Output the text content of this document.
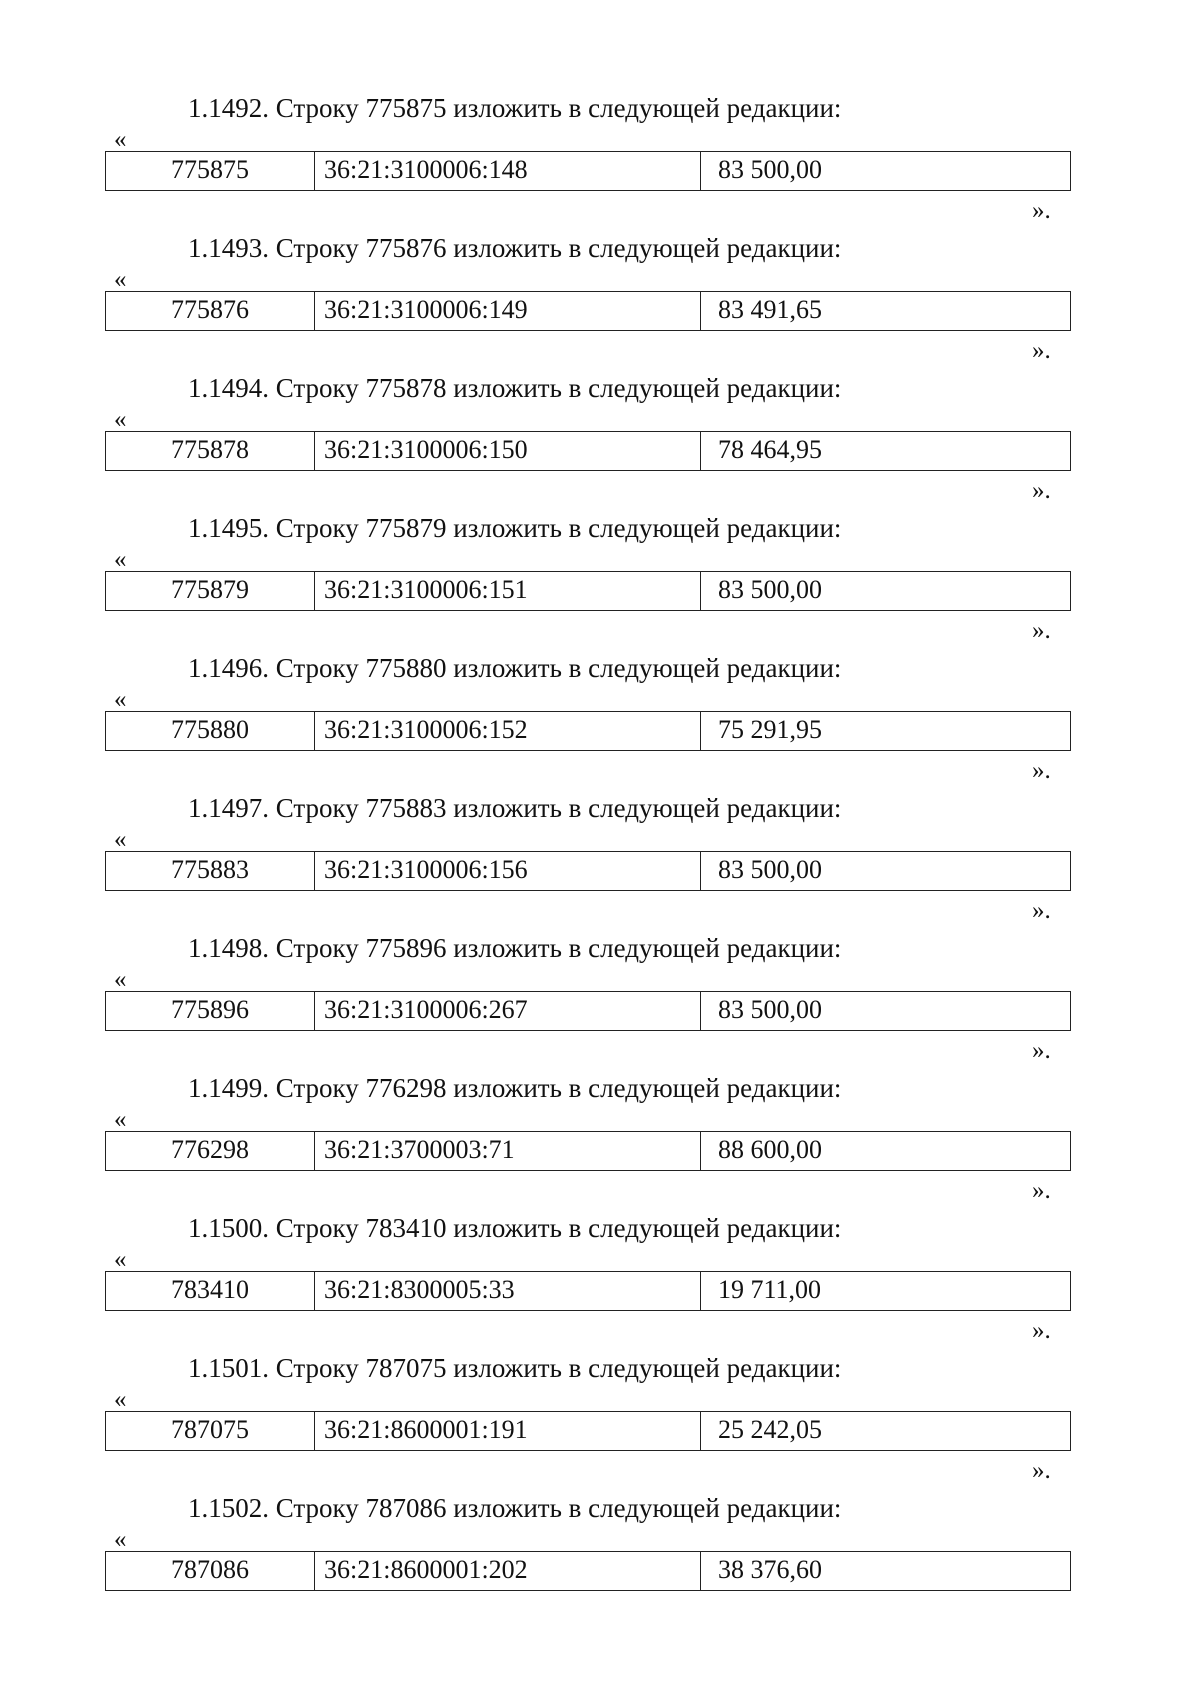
1.1492. Строку 775875 изложить в следующей редакции:
«
775875	36:21:3100006:148	83 500,00
».
1.1493. Строку 775876 изложить в следующей редакции:
«
775876	36:21:3100006:149	83 491,65
».
1.1494. Строку 775878 изложить в следующей редакции:
«
775878	36:21:3100006:150	78 464,95
».
1.1495. Строку 775879 изложить в следующей редакции:
«
775879	36:21:3100006:151	83 500,00
».
1.1496. Строку 775880 изложить в следующей редакции:
«
775880	36:21:3100006:152	75 291,95
».
1.1497. Строку 775883 изложить в следующей редакции:
«
775883	36:21:3100006:156	83 500,00
».
1.1498. Строку 775896 изложить в следующей редакции:
«
775896	36:21:3100006:267	83 500,00
».
1.1499. Строку 776298 изложить в следующей редакции:
«
776298	36:21:3700003:71	88 600,00
».
1.1500. Строку 783410 изложить в следующей редакции:
«
783410	36:21:8300005:33	19 711,00
».
1.1501. Строку 787075 изложить в следующей редакции:
«
787075	36:21:8600001:191	25 242,05
».
1.1502. Строку 787086 изложить в следующей редакции:
«
787086	36:21:8600001:202	38 376,60
